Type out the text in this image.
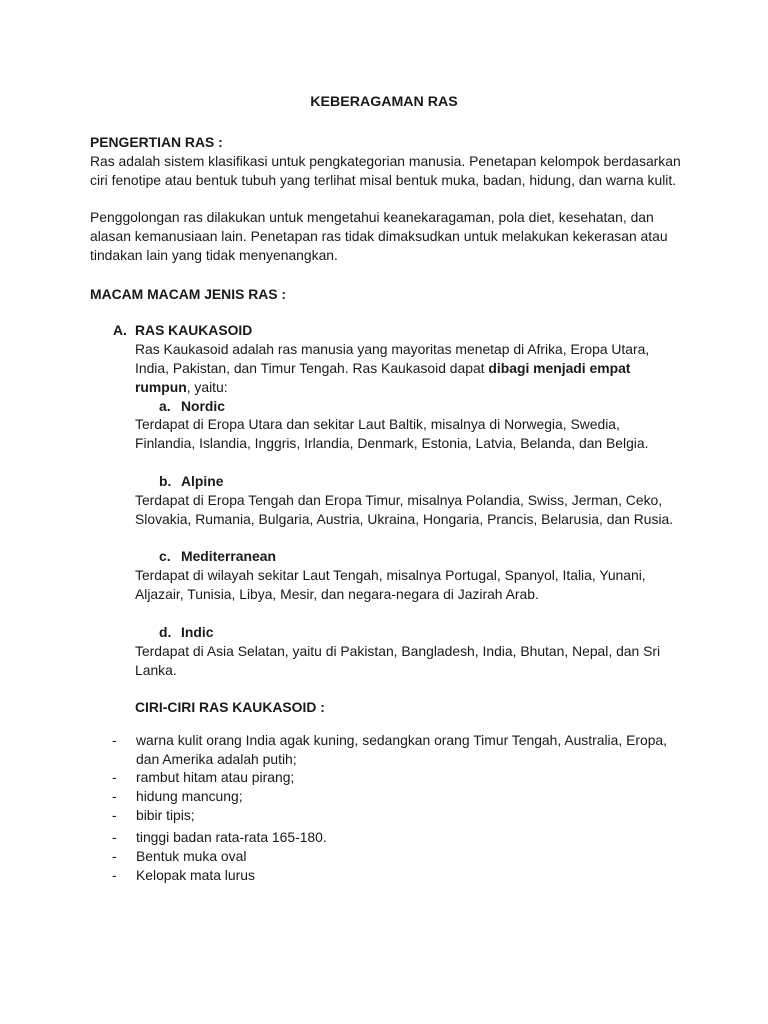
KEBERAGAMAN RAS
PENGERTIAN RAS :

Ras adalah sistem klasifikasi untuk pengkategorian manusia. Penetapan kelompok berdasarkan
ciri fenotipe atau bentuk tubuh yang terlihat misal bentuk muka, badan, hidung, dan warna kulit.

Penggolongan ras dilakukan untuk mengetahui keanekaragaman, pola diet, kesehatan, dan
alasan kemanusiaan lain. Penetapan ras tidak dimaksudkan untuk melakukan kekerasan atau
tindakan lain yang tidak menyenangkan.
MACAM MACAM JENIS RAS :
A. RAS KAUKASOID
Ras Kaukasoid adalah ras manusia yang mayoritas menetap di Afrika, Eropa Utara,
India, Pakistan, dan Timur Tengah. Ras Kaukasoid dapat dibagi menjadi empat
rumpun, yaitu:
a. Nordic
Terdapat di Eropa Utara dan sekitar Laut Baltik, misalnya di Norwegia, Swedia,
Finlandia, Islandia, Inggris, Irlandia, Denmark, Estonia, Latvia, Belanda, dan Belgia.
b. Alpine
Terdapat di Eropa Tengah dan Eropa Timur, misalnya Polandia, Swiss, Jerman, Ceko,
Slovakia, Rumania, Bulgaria, Austria, Ukraina, Hongaria, Prancis, Belarusia, dan Rusia.
c. Mediterranean
Terdapat di wilayah sekitar Laut Tengah, misalnya Portugal, Spanyol, Italia, Yunani,
Aljazair, Tunisia, Libya, Mesir, dan negara-negara di Jazirah Arab.
d. Indic
Terdapat di Asia Selatan, yaitu di Pakistan, Bangladesh, India, Bhutan, Nepal, dan Sri
Lanka.
CIRI-CIRI RAS KAUKASOID :
- warna kulit orang India agak kuning, sedangkan orang Timur Tengah, Australia, Eropa,
dan Amerika adalah putih;
- rambut hitam atau pirang;
- hidung mancung;
- bibir tipis;
- tinggi badan rata-rata 165-180.
- Bentuk muka oval
- Kelopak mata lurus
